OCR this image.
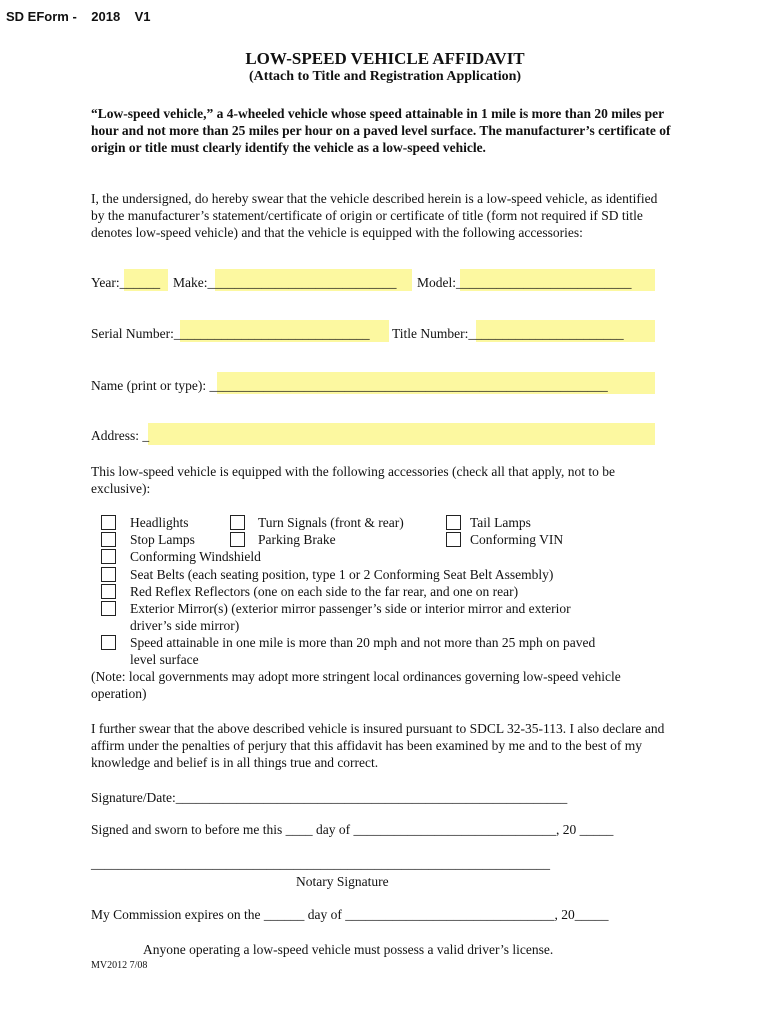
SD EForm - 2018 V1
LOW-SPEED VEHICLE AFFIDAVIT
(Attach to Title and Registration Application)
“Low-speed vehicle,” a 4-wheeled vehicle whose speed attainable in 1 mile is more than 20 miles per hour and not more than 25 miles per hour on a paved level surface. The manufacturer’s certificate of origin or title must clearly identify the vehicle as a low-speed vehicle.
I, the undersigned, do hereby swear that the vehicle described herein is a low-speed vehicle, as identified by the manufacturer’s statement/certificate of origin or certificate of title (form not required if SD title denotes low-speed vehicle) and that the vehicle is equipped with the following accessories:
Year:______ Make:____________________________ Model:__________________________
Serial Number:_____________________________ Title Number:_______________________
Name (print or type): ___________________________________________________________
Address: _
This low-speed vehicle is equipped with the following accessories (check all that apply, not to be exclusive):
Headlights	Turn Signals (front & rear)	Tail Lamps
Stop Lamps	Parking Brake	Conforming VIN
Conforming Windshield
Seat Belts (each seating position, type 1 or 2 Conforming Seat Belt Assembly)
Red Reflex Reflectors (one on each side to the far rear, and one on rear)
Exterior Mirror(s) (exterior mirror passenger’s side or interior mirror and exterior
driver’s side mirror)
Speed attainable in one mile is more than 20 mph and not more than 25 mph on paved
level surface
(Note: local governments may adopt more stringent local ordinances governing low-speed vehicle operation)
I further swear that the above described vehicle is insured pursuant to SDCL 32-35-113. I also declare and affirm under the penalties of perjury that this affidavit has been examined by me and to the best of my knowledge and belief is in all things true and correct.
Signature/Date:__________________________________________________________
Signed and sworn to before me this ____ day of ______________________________, 20 _____
____________________________________________________________________
Notary Signature
My Commission expires on the ______ day of _______________________________, 20_____
Anyone operating a low-speed vehicle must possess a valid driver’s license.
MV2012 7/08
